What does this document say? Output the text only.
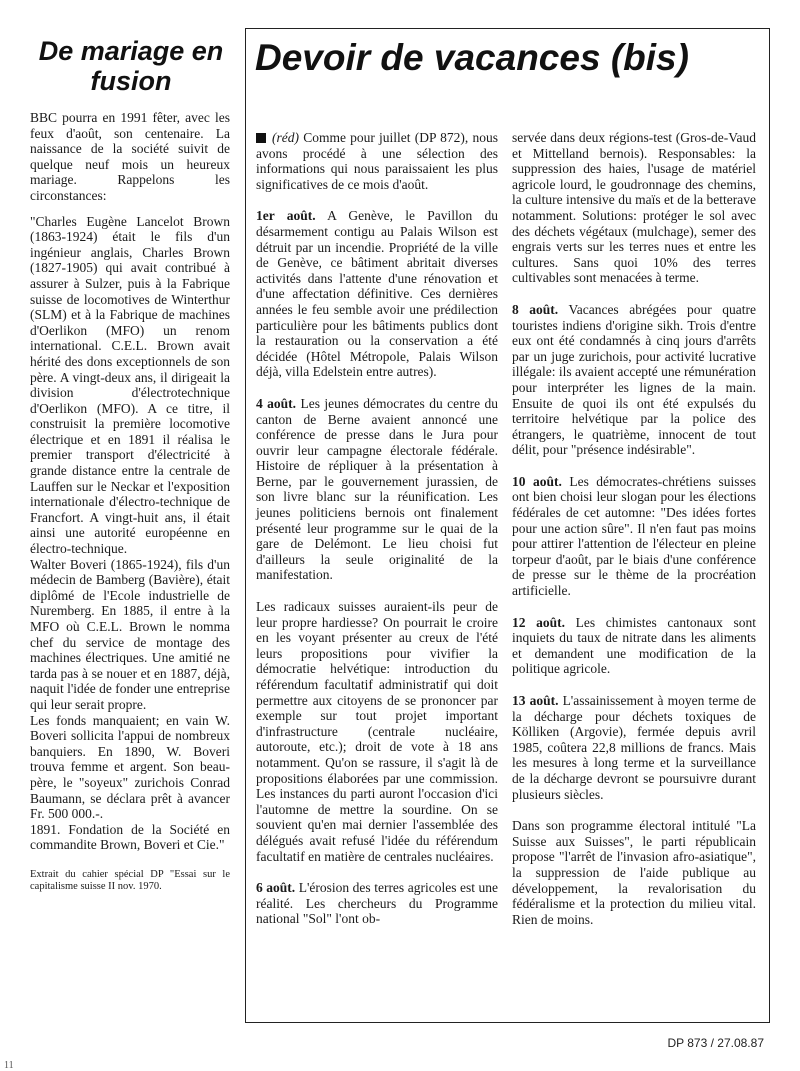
De mariage en fusion

BBC pourra en 1991 fêter, avec les feux d'août, son centenaire. La naissance de la société suivit de quelque neuf mois un heureux mariage. Rappelons les circonstances:

"Charles Eugène Lancelot Brown (1863-1924) était le fils d'un ingénieur anglais, Charles Brown (1827-1905) qui avait contribué à assurer à Sulzer, puis à la Fabrique suisse de locomotives de Winterthur (SLM) et à la Fabrique de machines d'Oerlikon (MFO) un renom international. C.E.L. Brown avait hérité des dons exceptionnels de son père. A vingt-deux ans, il dirigeait la division d'électrotechnique d'Oerlikon (MFO). A ce titre, il construisit la première locomotive électrique et en 1891 il réalisa le premier transport d'électricité à grande distance entre la centrale de Lauffen sur le Neckar et l'exposition internationale d'électro-technique de Francfort. A vingt-huit ans, il était ainsi une autorité européenne en électro-technique.

Walter Boveri (1865-1924), fils d'un médecin de Bamberg (Bavière), était diplômé de l'Ecole industrielle de Nuremberg. En 1885, il entre à la MFO où C.E.L. Brown le nomma chef du service de montage des machines électriques. Une amitié ne tarda pas à se nouer et en 1887, déjà, naquit l'idée de fonder une entreprise qui leur serait propre.

Les fonds manquaient; en vain W. Boveri sollicita l'appui de nombreux banquiers. En 1890, W. Boveri trouva femme et argent. Son beau-père, le "soyeux" zurichois Conrad Baumann, se déclara prêt à avancer Fr. 500 000.-.

1891. Fondation de la Société en commandite Brown, Boveri et Cie."

Extrait du cahier spécial DP "Essai sur le capitalisme suisse II nov. 1970.

Devoir de vacances (bis)

(réd) Comme pour juillet (DP 872), nous avons procédé à une sélection des informations qui nous paraissaient les plus significatives de ce mois d'août.

1er août. A Genève, le Pavillon du désarmement contigu au Palais Wilson est détruit par un incendie. Propriété de la ville de Genève, ce bâtiment abritait diverses activités dans l'attente d'une rénovation et d'une affectation définitive. Ces dernières années le feu semble avoir une prédilection particulière pour les bâtiments publics dont la restauration ou la conservation a été décidée (Hôtel Métropole, Palais Wilson déjà, villa Edelstein entre autres).

4 août. Les jeunes démocrates du centre du canton de Berne avaient annoncé une conférence de presse dans le Jura pour ouvrir leur campagne électorale fédérale. Histoire de répliquer à la présentation à Berne, par le gouvernement jurassien, de son livre blanc sur la réunification. Les jeunes politiciens bernois ont finalement présenté leur programme sur le quai de la gare de Delémont. Le lieu choisi fut d'ailleurs la seule originalité de la manifestation.

Les radicaux suisses auraient-ils peur de leur propre hardiesse? On pourrait le croire en les voyant présenter au creux de l'été leurs propositions pour vivifier la démocratie helvétique: introduction du référendum facultatif administratif qui doit permettre aux citoyens de se prononcer par exemple sur tout projet important d'infrastructure (centrale nucléaire, autoroute, etc.); droit de vote à 18 ans notamment. Qu'on se rassure, il s'agit là de propositions élaborées par une commission. Les instances du parti auront l'occasion d'ici l'automne de mettre la sourdine. On se souvient qu'en mai dernier l'assemblée des délégués avait refusé l'idée du référendum facultatif en matière de centrales nucléaires.

6 août. L'érosion des terres agricoles est une réalité. Les chercheurs du Programme national "Sol" l'ont ob-

servée dans deux régions-test (Gros-de-Vaud et Mittelland bernois). Responsables: la suppression des haies, l'usage de matériel agricole lourd, le goudronnage des chemins, la culture intensive du maïs et de la betterave notamment. Solutions: protéger le sol avec des déchets végétaux (mulchage), semer des engrais verts sur les terres nues et entre les cultures. Sans quoi 10% des terres cultivables sont menacées à terme.

8 août. Vacances abrégées pour quatre touristes indiens d'origine sikh. Trois d'entre eux ont été condamnés à cinq jours d'arrêts par un juge zurichois, pour activité lucrative illégale: ils avaient accepté une rémunération pour interpréter les lignes de la main. Ensuite de quoi ils ont été expulsés du territoire helvétique par la police des étrangers, le quatrième, innocent de tout délit, pour "présence indésirable".

10 août. Les démocrates-chrétiens suisses ont bien choisi leur slogan pour les élections fédérales de cet automne: "Des idées fortes pour une action sûre". Il n'en faut pas moins pour attirer l'attention de l'électeur en pleine torpeur d'août, par le biais d'une conférence de presse sur le thème de la procréation artificielle.

12 août. Les chimistes cantonaux sont inquiets du taux de nitrate dans les aliments et demandent une modification de la politique agricole.

13 août. L'assainissement à moyen terme de la décharge pour déchets toxiques de Kölliken (Argovie), fermée depuis avril 1985, coûtera 22,8 millions de francs. Mais les mesures à long terme et la surveillance de la décharge devront se poursuivre durant plusieurs siècles.

Dans son programme électoral intitulé "La Suisse aux Suisses", le parti républicain propose "l'arrêt de l'invasion afro-asiatique", la suppression de l'aide publique au développement, la revalorisation du fédéralisme et la protection du milieu vital. Rien de moins.

DP 873 / 27.08.87
11
